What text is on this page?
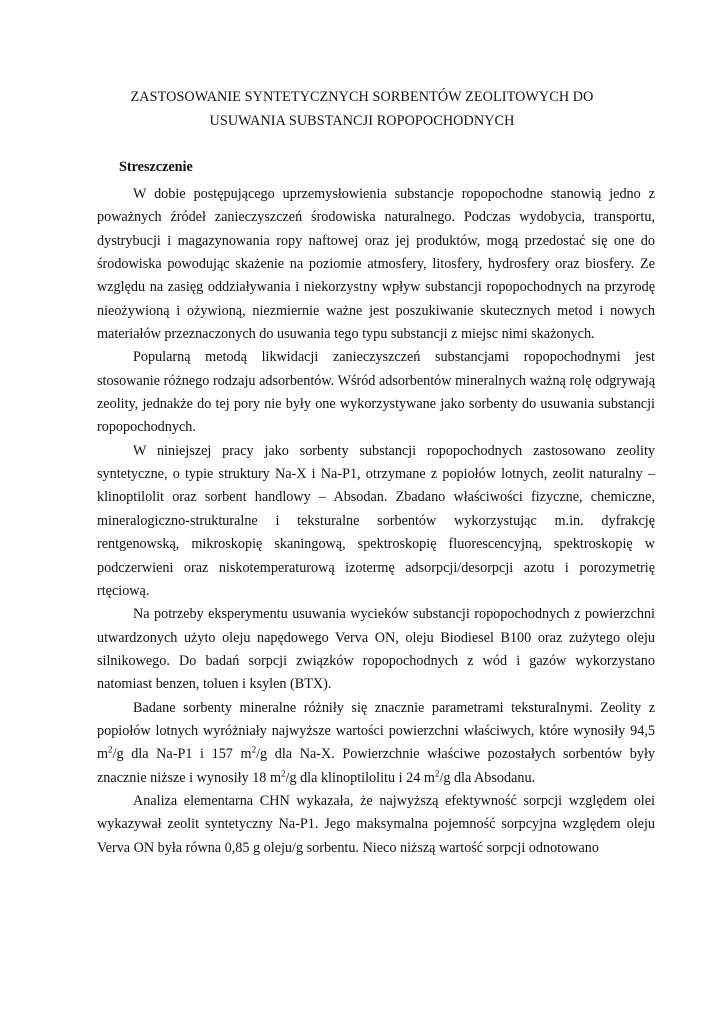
ZASTOSOWANIE SYNTETYCZNYCH SORBENTÓW ZEOLITOWYCH DO

USUWANIA SUBSTANCJI ROPOPOCHODNYCH

Streszczenie

W dobie postępującego uprzemysłowienia substancje ropopochodne stanowią jedno z poważnych źródeł zanieczyszczeń środowiska naturalnego. Podczas wydobycia, transportu, dystrybucji i magazynowania ropy naftowej oraz jej produktów, mogą przedostać się one do środowiska powodując skażenie na poziomie atmosfery, litosfery, hydrosfery oraz biosfery. Ze względu na zasięg oddziaływania i niekorzystny wpływ substancji ropopochodnych na przyrodę nieożywioną i ożywioną, niezmiernie ważne jest poszukiwanie skutecznych metod i nowych materiałów przeznaczonych do usuwania tego typu substancji z miejsc nimi skażonych.

Popularną metodą likwidacji zanieczyszczeń substancjami ropopochodnymi jest stosowanie różnego rodzaju adsorbentów. Wśród adsorbentów mineralnych ważną rolę odgrywają zeolity, jednakże do tej pory nie były one wykorzystywane jako sorbenty do usuwania substancji ropopochodnych.

W niniejszej pracy jako sorbenty substancji ropopochodnych zastosowano zeolity syntetyczne, o typie struktury Na-X i Na-P1, otrzymane z popiołów lotnych, zeolit naturalny – klinoptilolit oraz sorbent handlowy – Absodan. Zbadano właściwości fizyczne, chemiczne, mineralogiczno-strukturalne i teksturalne sorbentów wykorzystując m.in. dyfrakcję rentgenowską, mikroskopię skaningową, spektroskopię fluorescencyjną, spektroskopię w podczerwieni oraz niskotemperaturową izotermę adsorpcji/desorpcji azotu i porozymetrię rtęciową.

Na potrzeby eksperymentu usuwania wycieków substancji ropopochodnych z powierzchni utwardzonych użyto oleju napędowego Verva ON, oleju Biodiesel B100 oraz zużytego oleju silnikowego. Do badań sorpcji związków ropopochodnych z wód i gazów wykorzystano natomiast benzen, toluen i ksylen (BTX).

Badane sorbenty mineralne różniły się znacznie parametrami teksturalnymi. Zeolity z popiołów lotnych wyróżniały najwyższe wartości powierzchni właściwych, które wynosiły 94,5 $m^2/g$ dla Na-P1 i 157 $m^2/g$ dla Na-X. Powierzchnie właściwe pozostałych sorbentów były znacznie niższe i wynosiły 18 $m^2/g$ dla klinoptilolitu i 24 $m^2/g$ dla Absodanu.

Analiza elementarna CHN wykazała, że najwyższą efektywność sorpcji względem olei wykazywał zeolit syntetyczny Na-P1. Jego maksymalna pojemność sorpcyjna względem oleju Verva ON była równa 0,85 g oleju/g sorbentu. Nieco niższą wartość sorpcji odnotowano
